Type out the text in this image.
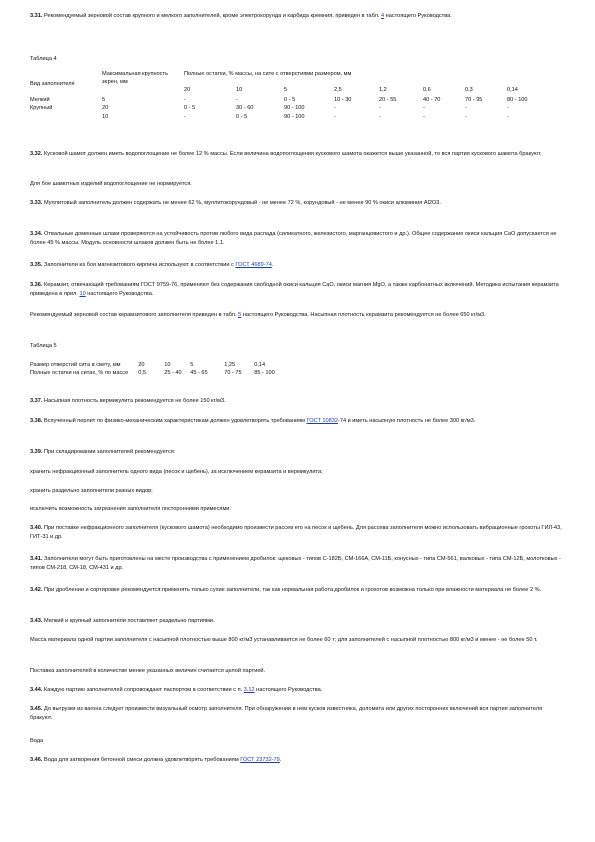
3.31. Рекомендуемый зерновой состав крупного и мелкого заполнителей, кроме электрокорунда и карбида кремния, приведен в табл. 4 настоящего Руководства.

Таблица 4

Вид заполнителя	Максимальная крупность зерен, мм	Полные остатки, % массы, на сите с отверстиями размером, мм							
		20	10	5	2,5	1,2	0,6	0,3	0,14
Мелкий	5	-	-	0 - 5	10 - 30	20 - 55	40 - 70	70 - 95	80 - 100
Крупный	20	0 - 5	30 - 60	90 - 100	-	-	-	-	-
	10	-	0 - 5	90 - 100	-	-	-	-	-

3.32. Кусковой шамот должен иметь водопоглощение не более 12 % массы. Если величина водопоглощения кускового шамота окажется выше указанной, то вся партия кускового шамота бракуют.

Для бое шамотных изделий водопоглощение не нормируется.

3.33. Муллитовый заполнитель должен содержать не менее 62 %, муллитокорундовый - не менее 72 %, корундовый - не менее 90 % окиси алюминия Al2O3.

3.34. Отвальные доменные шлаки проверяются на устойчивость против любого вида распада (силикатного, железистого, марганцовистого и др.). Общее содержание окиси кальция CaO допускается не более 45 % массы. Модуль основности шлаков должен быть не более 1,1.

3.35. Заполнители из боя магнезитового кирпича используют в соответствии с ГОСТ 4689-74.

3.36. Керамзит, отвечающий требованиям ГОСТ 9759-76, применяют без содержания свободной окиси кальция CaO, окиси магния MgO, а также карбонатных включений. Методика испытания керамзита приведена в прил. 10 настоящего Руководства.

Рекомендуемый зерновой состав керамзитового заполнителя приведен в табл. 5 настоящего Руководства. Насыпная плотность керамзита рекомендуется не более 650 кг/м3.

Таблица 5

Размер отверстий сита в свету, мм	20	10	5	1,25	0,14
Полные остатки на ситах, % по массе	0,5	25 - 40	45 - 65	70 - 75	85 - 100

3.37. Насыпная плотность вермикулита рекомендуется не более 150 кг/м3.

3.38. Вспученный перлит по физико-механическим характеристикам должен удовлетворять требованиям ГОСТ 10832-74 и иметь насыпную плотность не более 300 кг/м3.

3.39. При складировании заполнителей рекомендуется:

хранить нефракционный заполнитель одного вида (песок и щебень), за исключением керамзита и вермикулита;

хранить раздельно заполнители разных видов;

исключить возможность загрязнения заполнителя посторонними примесями.

3.40. При поставке нефракционного заполнителя (кускового шамота) необходимо произвести рассев его на песок и щебень. Для рассева заполнителя можно использовать вибрационные грохоты ГИЛ-43, ГИТ-31 и др.

3.41. Заполнители могут быть приготовлены на месте производства с применением дробилок: щековых - типов С-182Б, СМ-166А, СМ-11Б, конусных - типа СМ-561, валковых - типа СМ-12Б, молотковых - типов СМ-218, СМ-18, СМ-431 и др.

3.42. При дроблении и сортировке рекомендуется применять только сухие заполнители, так как нормальная работа дробилок и грохотов возможна только при влажности материала не более 2 %.

3.43. Мелкий и крупный заполнители поставляют раздельно партиями.

Массa материала одной партии заполнителя с насыпной плотностью выше 800 кг/м3 устанавливается не более 60 т; для заполнителей с насыпной плотностью 800 кг/м3 и менее - не более 50 т.

Поставка заполнителей в количестве менее указанных величин считается целой партией.

3.44. Каждую партию заполнителей сопровождают паспортом в соответствии с п. 3.12 настоящего Руководства.

3.45. До выгрузки из вагона следует произвести визуальный осмотр заполнителя. При обнаружении в нем кусков известняка, доломита или других посторонних включений вся партия заполнителя бракуют.

Вода

3.46. Вода для затворения бетонной смеси должна удовлетворять требованиям ГОСТ 23732-79.
